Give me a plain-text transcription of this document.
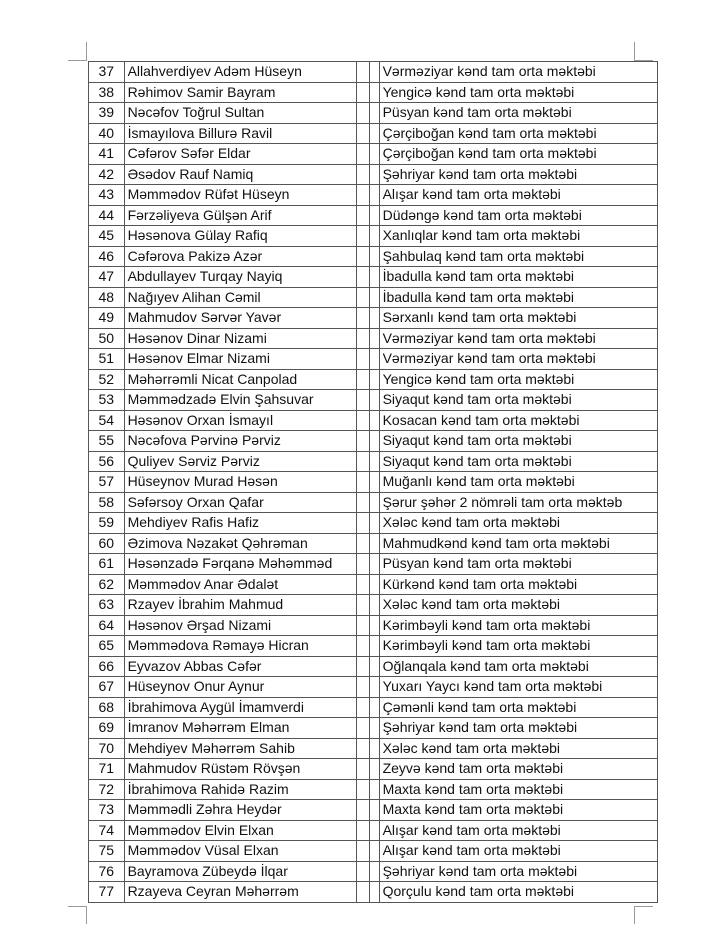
37	Allahverdiyev Adəm Hüseyn			Vərməziyar kənd tam orta məktəbi
38	Rəhimov Samir Bayram			Yengicə kənd tam orta məktəbi
39	Nəcəfov Toğrul Sultan			Püsyan kənd tam orta məktəbi
40	İsmayılova Billurə Ravil			Çərçiboğan kənd tam orta məktəbi
41	Cəfərov Səfər Eldar			Çərçiboğan kənd tam orta məktəbi
42	Əsədov Rauf Namiq			Şəhriyar kənd tam orta məktəbi
43	Məmmədov Rüfət Hüseyn			Alışar kənd tam orta məktəbi
44	Fərzəliyeva Gülşən Arif			Düdəngə kənd tam orta məktəbi
45	Həsənova Gülay Rafiq			Xanlıqlar kənd tam orta məktəbi
46	Cəfərova Pakizə Azər			Şahbulaq kənd tam orta məktəbi
47	Abdullayev Turqay Nayiq			İbadulla kənd tam orta məktəbi
48	Nağıyev Alihan Cəmil			İbadulla kənd tam orta məktəbi
49	Mahmudov Sərvər Yavər			Sərxanlı kənd tam orta məktəbi
50	Həsənov Dinar Nizami			Vərməziyar kənd tam orta məktəbi
51	Həsənov Elmar Nizami			Vərməziyar kənd tam orta məktəbi
52	Məhərrəmli Nicat Canpolad			Yengicə kənd tam orta məktəbi
53	Məmmədzadə Elvin Şahsuvar			Siyaqut kənd tam orta məktəbi
54	Həsənov Orxan İsmayıl			Kosacan kənd tam orta məktəbi
55	Nəcəfova Pərvinə Pərviz			Siyaqut kənd tam orta məktəbi
56	Quliyev Sərviz Pərviz			Siyaqut kənd tam orta məktəbi
57	Hüseynov Murad Həsən			Muğanlı kənd tam orta məktəbi
58	Səfərsoy Orxan Qafar			Şərur şəhər 2 nömrəli tam orta məktəb
59	Mehdiyev Rafis Hafiz			Xələc kənd tam orta məktəbi
60	Əzimova Nəzakət Qəhrəman			Mahmudkənd kənd tam orta məktəbi
61	Həsənzadə Fərqanə Məhəmməd			Püsyan kənd tam orta məktəbi
62	Məmmədov Anar Ədalət			Kürkənd kənd tam orta məktəbi
63	Rzayev İbrahim Mahmud			Xələc kənd tam orta məktəbi
64	Həsənov Ərşad Nizami			Kərimbəyli kənd tam orta məktəbi
65	Məmmədova Rəmayə Hicran			Kərimbəyli kənd tam orta məktəbi
66	Eyvazov Abbas Cəfər			Oğlanqala kənd tam orta məktəbi
67	Hüseynov Onur Aynur			Yuxarı Yaycı kənd tam orta məktəbi
68	İbrahimova Aygül İmamverdi			Çəmənli kənd tam orta məktəbi
69	İmranov Məhərrəm Elman			Şəhriyar kənd tam orta məktəbi
70	Mehdiyev Məhərrəm Sahib			Xələc kənd tam orta məktəbi
71	Mahmudov Rüstəm Rövşən			Zeyvə kənd tam orta məktəbi
72	İbrahimova Rahidə Razim			Maxta kənd tam orta məktəbi
73	Məmmədli Zəhra Heydər			Maxta kənd tam orta məktəbi
74	Məmmədov Elvin Elxan			Alışar kənd tam orta məktəbi
75	Məmmədov Vüsal Elxan			Alışar kənd tam orta məktəbi
76	Bayramova Zübeydə İlqar			Şəhriyar kənd tam orta məktəbi
77	Rzayeva Ceyran Məhərrəm			Qorçulu kənd tam orta məktəbi
